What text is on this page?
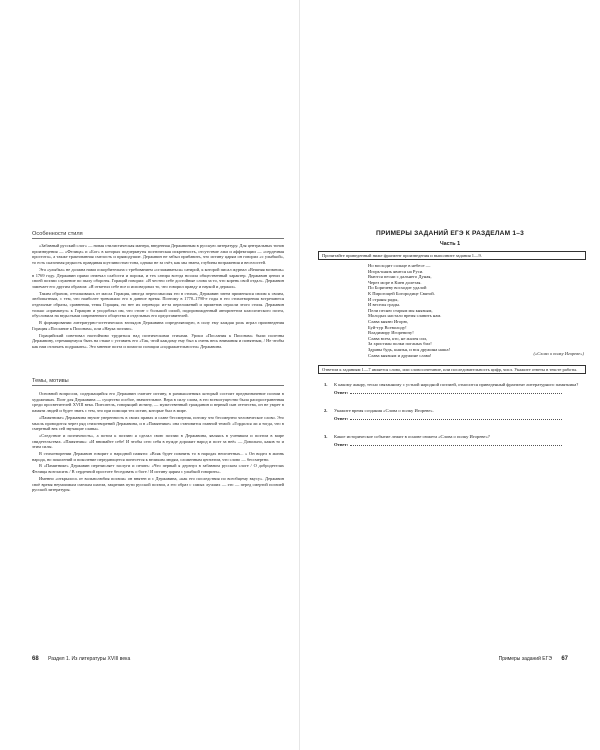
Особенности стиля

«Забавный русский слог» — новая стилистическая манера, введенная Державиным в русскую литературу. Для центральных тонов произведения — «Фелица» и «Бог» в которых подчеркнуты поэтическая искренность, отсутствие лжи и аффектации — «сердечная простота», а также трактованная смелость и прямодушие. Державин не забыл прибавить, что истину царям он говорил «с улыбкой», то есть сказочная редкость правдивая шутливостью тона, однако не за счёт, как мы знаем, глубины возражения и веселостей.

Эта «улыбка» не должна нами оскорбительна с требованием «сглаживаться» сатирой, к которой писал журнал «Вешняя возмешь» в 1769 году. Державин прямо отмечал слабости и пороки, и тех сатира всегда носила общественный характер. Державин ценил и своей поэзии служение по пылу обороты. Гораций говорил: «Я честно себе достойные слова за то, что корень свой отдал». Державин замечает его другим образом: «Я отметил себе все и исповедовал то, что говорил правду и наукой и держал».

Таким образом, отталкиваясь от масла Горация, иногда переосмысляя его в стихах, Державин затем применялся своим к своим, любопытным, с тем, что наиболее тревожило его в данное время. Поэтому в 1770–1790-е годы в его стихотворения встречаются отдельные образы, сравнения, темы Горация, но нет их перевода: из-за переложений и приметив отрасли этого стиля. Державин только «примкнул» к Горацию и уподоблял им, что стоит с большой силой, подпровожденный авторитетом классического поэта, обусловила на ведьстыми современного общества и отдельных его представителей.

В формировании литературно-эстетических взглядов Державина определяющую, в силу ему каждая роль играл произведения Горация «Послание к Писонам», или «Наука поэзии».

Горацийский советовал настойчиво трудиться над поэтическими стихами. Уроки «Послания к Писонам» были полезны Державину, стремящемуся быть на стыке с уставить его «Так, чтой каждому ему был к очень весь внимания и понятным, / Не чтобы как нам отличать подражать». Это мнение поэта и помогло позиции «подражательности» Державина.

Темы, мотивы

Основной вопросом, содержащийся его Державин считает истину, в размышлениях который состоит предназначение поэзии в художниках. Поэт для Державина — существо особое, значительное. Вера в силу слова, в его всемогущество была распространенная среди просветителей XVIII века. Пиесатель, говорящий истину, — мужественный гражданин и верный сын отечества, он не умрет в памяти людей и будет знать с тем, что при помощи тех истин, которые был в мире.

«Памятнике» Державина звучит уверенность в своих правах и славе бессмертия, потому что бессмертно человеческое слово. Это мысль проводится через ряд стихотворений Державина, и в «Памятнике» она становится главной темой: «Гордился ли я тогда, что в смертный век сей звучащие славы».

«Следствие и поэтичность», а потом к поэзию я сделал свою поэзии в Державина, являясь в учеником и поэтом в мире свидетельствах. «Памятник»: «И внимайте себе! И чтобы сего себя в нужде дорожит народ и поэт за неё» — Довольно, каков то и этим силы.

В стихотворении Державин говорит о народной памяти: «Всяк будет помнить то в народах неисчетных... » Он видел в жизнь народа, но поколений и поколение передающееся понесется к великим людям, сложенным цептатом, что слово — бессмертно.

В «Памятнике» Державин перечисляет заслуги и печать: «Что первый я дерзнул в забавном русском слоге / О добродетелях Фелицы возгласить / В сердечной простоте беседовать о боге / И истину царям с улыбкой говорить».

Именно «открылось от вольнолюбия поэзии» он внятен и с Державина, «как его последствия по всеобщему вкусу». Державин своё время неумоимым смелым шагом, закрепив пути русской поэзии, а его образ с самых лучших — это — перед смертой поэзией русской литературы.

68 Раздел 1. Из литературы XVIII века

ПРИМЕРЫ ЗАДАНИЙ ЕГЭ К РАЗДЕЛАМ 1–3

Часть 1

Прочитайте приведенный ниже фрагмент произведения и выполните задания 1—9.

Но восходит солнце в небесе —

Игорь-князь явится на Руси.

Вьются песни с дальнего Дуная,

Через море в Киев долетая.

По Боричеву восходит удалой

К Пирогощей Богородице Святой.

И страны рады,

И веселы грады.

Пели песню старым мы князьям,

Молодых настало время славить нам.

Слава князю Игорю,

Буй-тур Всеволоду!

Владимиру Игоревичу!

Слава всем, кто, не жалея сил,

За христиан полки поганых бил!

Здравы будь, князья, и вся дружина наша!

Слава князьям и дружине слава!	(«Слово о полку Игореве»)

Ответом к заданиям 1—7 является слово, или словосочетание, или последовательность цифр, числ. Укажите ответы в тексте работы.
1. К какому жанру, тесно связанному с устной народной поэзией, относится приведенный фрагмент литературного памятника?
Ответ:
2. Укажите время создания «Слова о полку Игореве».
Ответ:
3. Какое историческое событие лежит в основе сюжета «Слова о полку Игореве»?
Ответ:
Примеры заданий ЕГЭ 67
